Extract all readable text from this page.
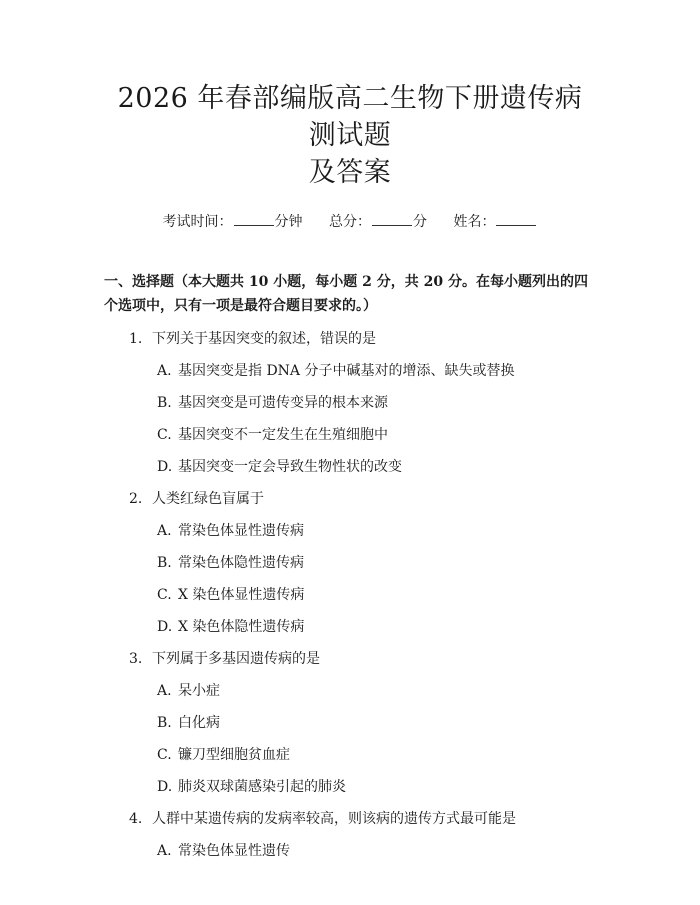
2026 年春部编版高二生物下册遗传病测试题
及答案
考试时间：	分钟 总分：	分 姓名：
一、选择题（本大题共 10 小题，每小题 2 分，共 20 分。在每小题列出的四个选项中，只有一项是最符合题目要求的。）
1. 下列关于基因突变的叙述，错误的是
A. 基因突变是指 DNA 分子中碱基对的增添、缺失或替换
B. 基因突变是可遗传变异的根本来源
C. 基因突变不一定发生在生殖细胞中
D. 基因突变一定会导致生物性状的改变
2. 人类红绿色盲属于
A. 常染色体显性遗传病
B. 常染色体隐性遗传病
C. X 染色体显性遗传病
D. X 染色体隐性遗传病
3. 下列属于多基因遗传病的是
A. 呆小症
B. 白化病
C. 镰刀型细胞贫血症
D. 肺炎双球菌感染引起的肺炎
4. 人群中某遗传病的发病率较高，则该病的遗传方式最可能是
A. 常染色体显性遗传
